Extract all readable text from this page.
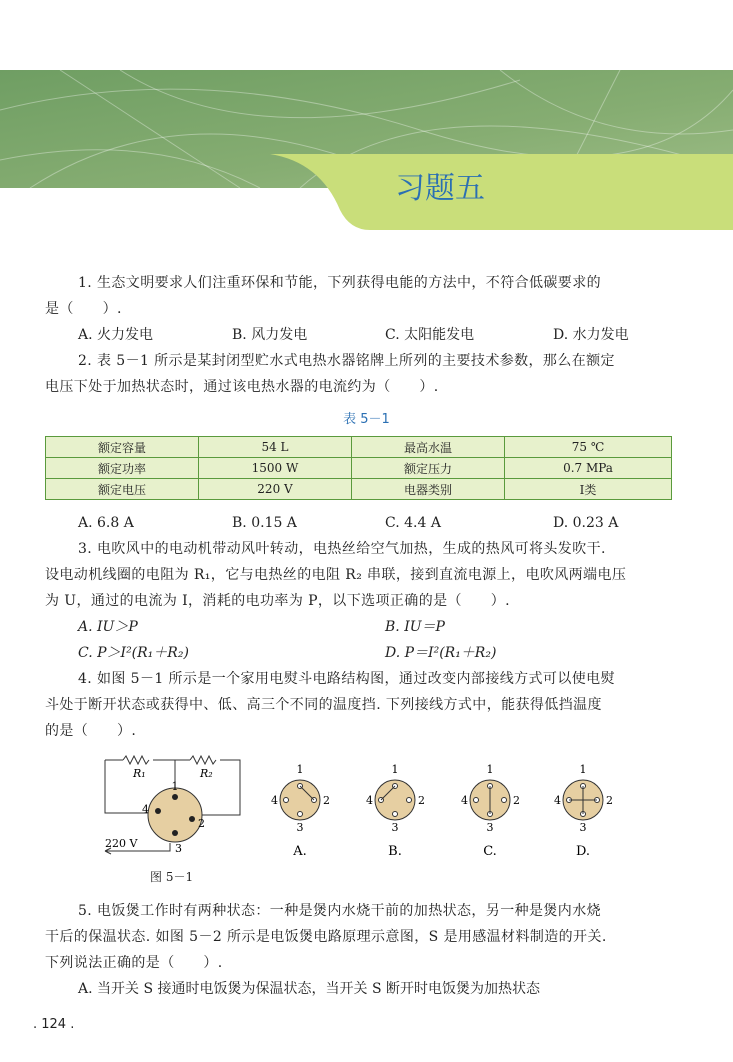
习题五
1. 生态文明要求人们注重环保和节能，下列获得电能的方法中，不符合低碳要求的
是（　　）.
A. 火力发电	B. 风力发电	C. 太阳能发电	D. 水力发电
2. 表 5－1 所示是某封闭型贮水式电热水器铭牌上所列的主要技术参数，那么在额定
电压下处于加热状态时，通过该电热水器的电流约为（　　）.
表 5－1
额定容量	54 L	最高水温	75 ℃
额定功率	1500 W	额定压力	0.7 MPa
额定电压	220 V	电器类别	Ⅰ类
A. 6.8 A	B. 0.15 A	C. 4.4 A	D. 0.23 A
3. 电吹风中的电动机带动风叶转动，电热丝给空气加热，生成的热风可将头发吹干.
设电动机线圈的电阻为 R₁，它与电热丝的电阻 R₂ 串联，接到直流电源上，电吹风两端电压
为 U，通过的电流为 I，消耗的电功率为 P，以下选项正确的是（　　）.
A. IU＞P	B. IU＝P
C. P＞I²(R₁＋R₂)	D. P＝I²(R₁＋R₂)
4. 如图 5－1 所示是一个家用电熨斗电路结构图，通过改变内部接线方式可以使电熨
斗处于断开状态或获得中、低、高三个不同的温度挡. 下列接线方式中，能获得低挡温度
的是（　　）.
R₁	R₂
1
2
3
4
220 V
1
2
3
4
A.
1
2
3
4
B.
1
2
3
4
C.
1
2
3
4
D.
图 5－1
5. 电饭煲工作时有两种状态：一种是煲内水烧干前的加热状态，另一种是煲内水烧
干后的保温状态. 如图 5－2 所示是电饭煲电路原理示意图，S 是用感温材料制造的开关.
下列说法正确的是（　　）.
A. 当开关 S 接通时电饭煲为保温状态，当开关 S 断开时电饭煲为加热状态
. 124 .
